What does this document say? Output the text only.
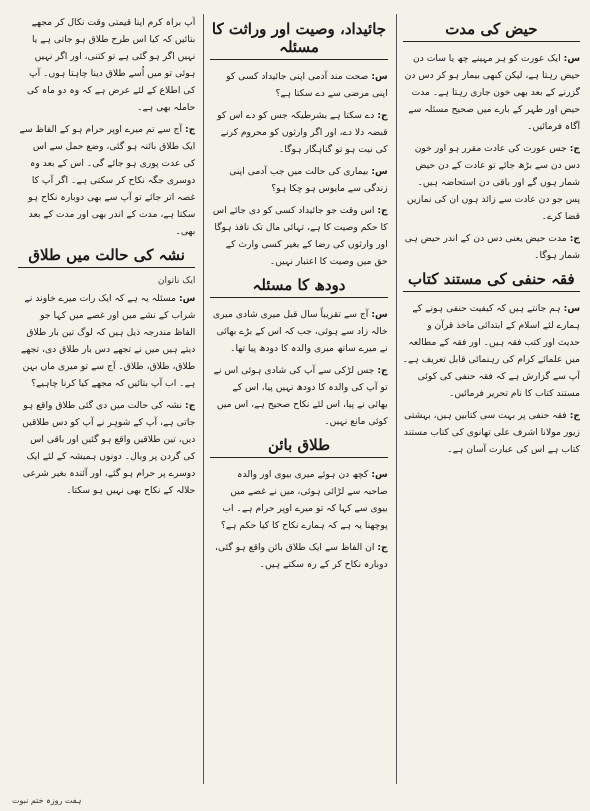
حیض کی مدت

س:ایک عورت کو ہر مہینے چھ یا سات دن حیض رہتا ہے، لیکن کبھی بیمار ہو کر دس دن گزرنے کے بعد بھی خون جاری رہتا ہے۔ مدت حیض اور طہر کے بارے میں صحیح مسئلہ سے آگاہ فرمائیں۔

ج:جس عورت کی عادت مقرر ہو اور خون دس دن سے بڑھ جائے تو عادت کے دن حیض شمار ہوں گے اور باقی دن استحاضہ ہیں۔ پس جو دن عادت سے زائد ہوں ان کی نمازیں قضا کرے۔

ج:مدت حیض یعنی دس دن کے اندر حیض ہی شمار ہوگا۔

فقہ حنفی کی مستند کتاب

س:ہم جانتے ہیں کہ کیفیت حنفی ہونے کے ہمارے لئے اسلام کے ابتدائی ماخذ قرآن و حدیث اور کتب فقہ ہیں۔ اور فقہ کے مطالعہ میں علمائے کرام کی رہنمائی قابل تعریف ہے۔ آپ سے گزارش ہے کہ فقہ حنفی کی کوئی مستند کتاب کا نام تحریر فرمائیں۔

ج:فقہ حنفی پر بہت سی کتابیں ہیں، بہشتی زیور مولانا اشرف علی تھانوی کی کتاب مستند کتاب ہے اس کی عبارت آسان ہے۔

جائیداد، وصیت اور وراثت کا مسئلہ

س:صحت مند آدمی اپنی جائیداد کسی کو اپنی مرضی سے دے سکتا ہے؟

ج:دے سکتا ہے بشرطیکہ جس کو دے اس کو قبضہ دلا دے، اور اگر وارثوں کو محروم کرنے کی نیت ہو تو گناہگار ہوگا۔

س:بیماری کی حالت میں جب آدمی اپنی زندگی سے مایوس ہو چکا ہو؟

ج:اس وقت جو جائیداد کسی کو دی جائے اس کا حکم وصیت کا ہے، تہائی مال تک نافذ ہوگا اور وارثوں کی رضا کے بغیر کسی وارث کے حق میں وصیت کا اعتبار نہیں۔

دودھ کا مسئلہ

س:آج سے تقریباً سال قبل میری شادی میری خالہ زاد سے ہوئی، جب کہ اس کے بڑے بھائی نے میرے ساتھ میری والدہ کا دودھ پیا تھا۔

ج:جس لڑکی سے آپ کی شادی ہوئی اس نے تو آپ کی والدہ کا دودھ نہیں پیا، اس کے بھائی نے پیا، اس لئے نکاح صحیح ہے، اس میں کوئی مانع نہیں۔

طلاق بائن

س:کچھ دن ہوئے میری بیوی اور والدہ صاحبہ سے لڑائی ہوئی، میں نے غصے میں بیوی سے کہا کہ تو میرے اوپر حرام ہے۔ اب پوچھنا یہ ہے کہ ہمارے نکاح کا کیا حکم ہے؟

ج:ان الفاظ سے ایک طلاق بائن واقع ہو گئی، دوبارہ نکاح کر کے رہ سکتے ہیں۔

آپ براہ کرم اپنا قیمتی وقت نکال کر مجھے بتائیں کہ کیا اس طرح طلاق ہو جاتی ہے یا نہیں اگر ہو گئی ہے تو کتنی، اور اگر نہیں ہوئی تو میں اُسے طلاق دینا چاہتا ہوں۔ آپ کی اطلاع کے لئے عرض ہے کہ وہ دو ماہ کی حاملہ بھی ہے۔

ج:آج سے تم میرے اوپر حرام ہو کے الفاظ سے ایک طلاق بائنہ ہو گئی، وضع حمل سے اس کی عدت پوری ہو جائے گی۔ اس کے بعد وہ دوسری جگہ نکاح کر سکتی ہے۔ اگر آپ کا غصہ اتر جائے تو آپ سے بھی دوبارہ نکاح ہو سکتا ہے، مدت کے اندر بھی اور مدت کے بعد بھی۔

نشہ کی حالت میں طلاق
ایک ناتوان

س:مسئلہ یہ ہے کہ ایک رات میرے خاوند نے شراب کے نشے میں اور غصے میں کہا جو الفاظ مندرجہ ذیل ہیں کہ لوگ تین بار طلاق دیتے ہیں میں نے تجھے دس بار طلاق دی، تجھے طلاق، طلاق، طلاق۔ آج سے تو میری ماں بہن ہے۔ اب آپ بتائیں کہ مجھے کیا کرنا چاہیے؟

ج:نشہ کی حالت میں دی گئی طلاق واقع ہو جاتی ہے، آپ کے شوہر نے آپ کو دس طلاقیں دیں، تین طلاقیں واقع ہو گئیں اور باقی اس کی گردن پر وبال۔ دونوں ہمیشہ کے لئے ایک دوسرے پر حرام ہو گئے، اور آئندہ بغیر شرعی حلالہ کے نکاح بھی نہیں ہو سکتا۔

ہفت روزہ ختم نبوت
